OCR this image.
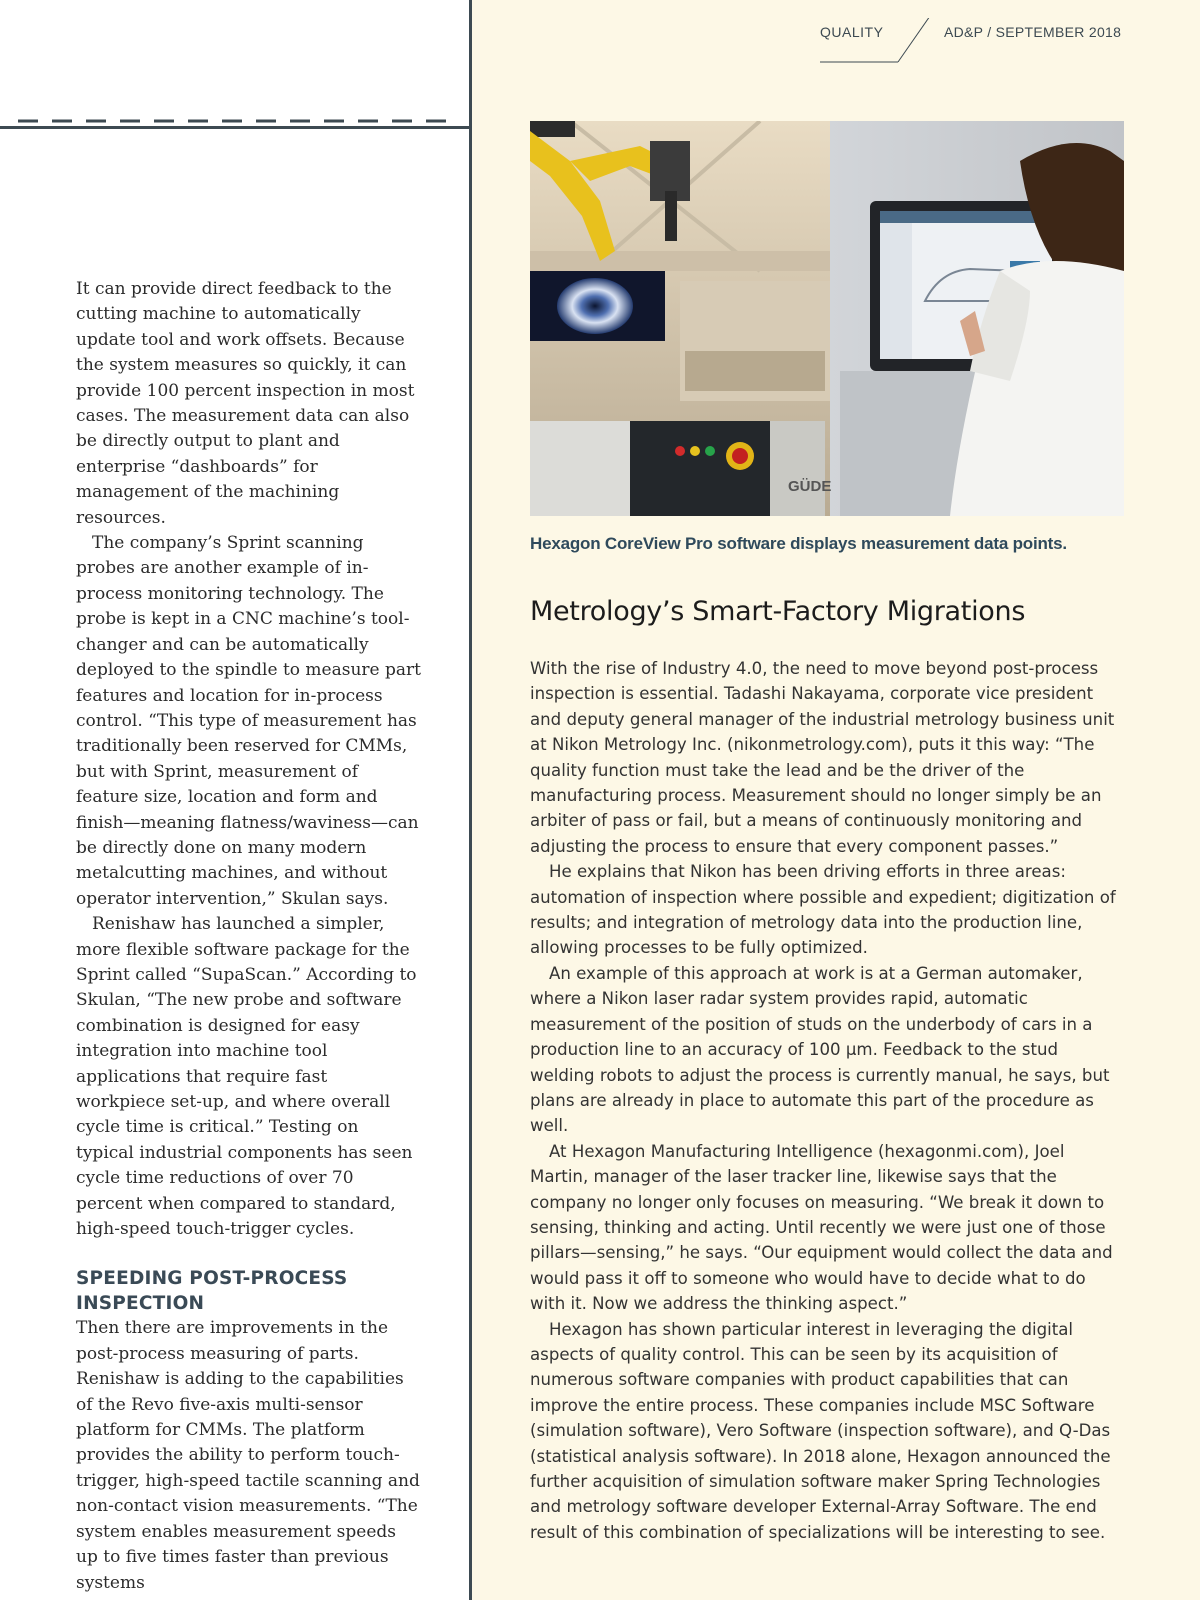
QUALITY	AD&P / SEPTEMBER 2018

It can provide direct feedback to the cutting machine to automatically update tool and work offsets. Because the system measures so quickly, it can provide 100 percent inspection in most cases. The measurement data can also be directly output to plant and enterprise “dashboards” for management of the machining resources.

The company’s Sprint scanning probes are another example of in-process monitoring technology. The probe is kept in a CNC machine’s tool-changer and can be automatically deployed to the spindle to measure part features and location for in-process control. “This type of measurement has traditionally been reserved for CMMs, but with Sprint, measurement of feature size, location and form and finish—meaning flatness/waviness—can be directly done on many modern metalcutting machines, and without operator intervention,” Skulan says.

Renishaw has launched a simpler, more flexible software package for the Sprint called “SupaScan.” According to Skulan, “The new probe and software combination is designed for easy integration into machine tool applications that require fast workpiece set-up, and where overall cycle time is critical.” Testing on typical industrial components has seen cycle time reductions of over 70 percent when compared to standard, high-speed touch-trigger cycles.

SPEEDING POST-PROCESS INSPECTION

Then there are improvements in the post-process measuring of parts. Renishaw is adding to the capabilities of the Revo five-axis multi-sensor platform for CMMs. The platform provides the ability to perform touch-trigger, high-speed tactile scanning and non-contact vision measurements. “The system enables measurement speeds up to five times faster than previous systems

GÜDE
Hexagon CoreView Pro software displays measurement data points.
Metrology’s Smart-Factory Migrations

With the rise of Industry 4.0, the need to move beyond post-process inspection is essential. Tadashi Nakayama, corporate vice president and deputy general manager of the industrial metrology business unit at Nikon Metrology Inc. (nikonmetrology.com), puts it this way: “The quality function must take the lead and be the driver of the manufacturing process. Measurement should no longer simply be an arbiter of pass or fail, but a means of continuously monitoring and adjusting the process to ensure that every component passes.”

He explains that Nikon has been driving efforts in three areas: automation of inspection where possible and expedient; digitization of results; and integration of metrology data into the production line, allowing processes to be fully optimized.

An example of this approach at work is at a German automaker, where a Nikon laser radar system provides rapid, automatic measurement of the position of studs on the underbody of cars in a production line to an accuracy of 100 µm. Feedback to the stud welding robots to adjust the process is currently manual, he says, but plans are already in place to automate this part of the procedure as well.

At Hexagon Manufacturing Intelligence (hexagonmi.com), Joel Martin, manager of the laser tracker line, likewise says that the company no longer only focuses on measuring. “We break it down to sensing, thinking and acting. Until recently we were just one of those pillars—sensing,” he says. “Our equipment would collect the data and would pass it off to someone who would have to decide what to do with it. Now we address the thinking aspect.”

Hexagon has shown particular interest in leveraging the digital aspects of quality control. This can be seen by its acquisition of numerous software companies with product capabilities that can improve the entire process. These companies include MSC Software (simulation software), Vero Software (inspection software), and Q-Das (statistical analysis software). In 2018 alone, Hexagon announced the further acquisition of simulation software maker Spring Technologies and metrology software developer External-Array Software. The end result of this combination of specializations will be interesting to see.
